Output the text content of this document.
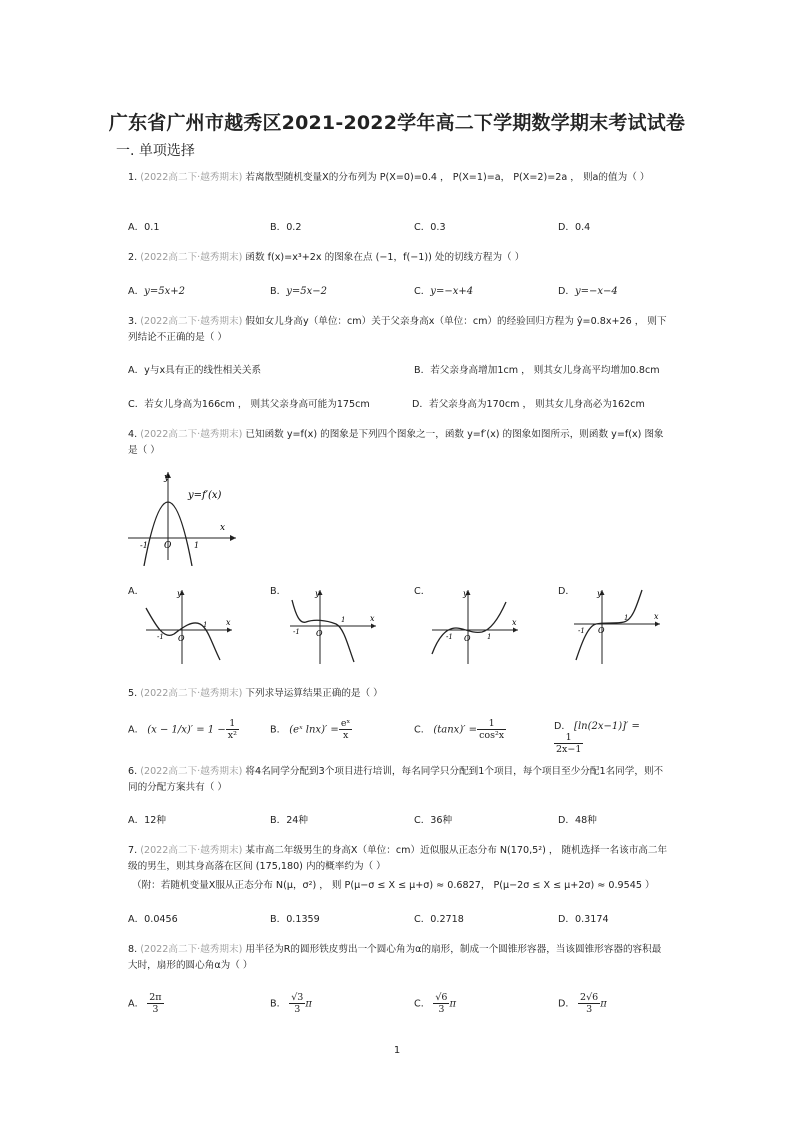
广东省广州市越秀区2021-2022学年高二下学期数学期末考试试卷
一. 单项选择
1. (2022高二下·越秀期末) 若离散型随机变量X的分布列为 P(X=0)=0.4 ， P(X=1)=a， P(X=2)=2a ， 则a的值为（ ）
A．0.1	B．0.2	C．0.3	D．0.4
2. (2022高二下·越秀期末) 函数 f(x)=x³+2x 的图象在点 (−1，f(−1)) 处的切线方程为（ ）
A．y=5x+2	B．y=5x−2	C．y=−x+4	D．y=−x−4
3. (2022高二下·越秀期末) 假如女儿身高y（单位：cm）关于父亲身高x（单位：cm）的经验回归方程为 ŷ=0.8x+26 ， 则下列结论不正确的是（ ）
A．y与x具有正的线性相关关系	B．若父亲身高增加1cm ， 则其女儿身高平均增加0.8cm
C．若女儿身高为166cm ， 则其父亲身高可能为175cm	D．若父亲身高为170cm ， 则其女儿身高必为162cm
4. (2022高二下·越秀期末) 已知函数 y=f(x) 的图象是下列四个图象之一，函数 y=f′(x) 的图象如图所示，则函数 y=f(x) 图象是（ ）
y
x
O
-1	1
y=f′(x)
A．	B．	C．	D．
y
x
O
-1
1
y
x
O
-1
1
y
x
O
-1	1
y
x
O
-1
1
5. (2022高二下·越秀期末) 下列求导运算结果正确的是（ ）
A． $(x - 1/x)' = 1 - \frac{1}{\text{x²}}$	B． (eˣ $\ln x)' = \frac{\text{eˣ}}{x}$	C． $(\tan x)' = \frac{1}{\text{cos²x}}$	D． [ln(2x−1)]′ =
$\frac{1}{2x-1}$
6. (2022高二下·越秀期末) 将4名同学分配到3个项目进行培训，每名同学只分配到1个项目，每个项目至少分配1名同学，则不同的分配方案共有（ ）
A．12种	B．24种	C．36种	D．48种
7. (2022高二下·越秀期末) 某市高二年级男生的身高X（单位：cm）近似服从正态分布 N(170,5²) ， 随机选择一名该市高二年级的男生，则其身高落在区间 (175,180) 内的概率约为（ ）
（附：若随机变量X服从正态分布 N(μ，σ²) ， 则 P(μ−σ ≤ X ≤ μ+σ) ≈ 0.6827， P(μ−2σ ≤ X ≤ μ+2σ) ≈ 0.9545 ）
A．0.0456	B．0.1359	C．0.2718	D．0.3174
8. (2022高二下·越秀期末) 用半径为R的圆形铁皮剪出一个圆心角为α的扇形，制成一个圆锥形容器，当该圆锥形容器的容积最大时，扇形的圆心角α为（ ）
A． $\frac{2\pi}{3}$	B． $\frac{√3}{3}$ π	C． $\frac{√6}{3}$ π	D． $\frac{2√6}{3}$ π
1
